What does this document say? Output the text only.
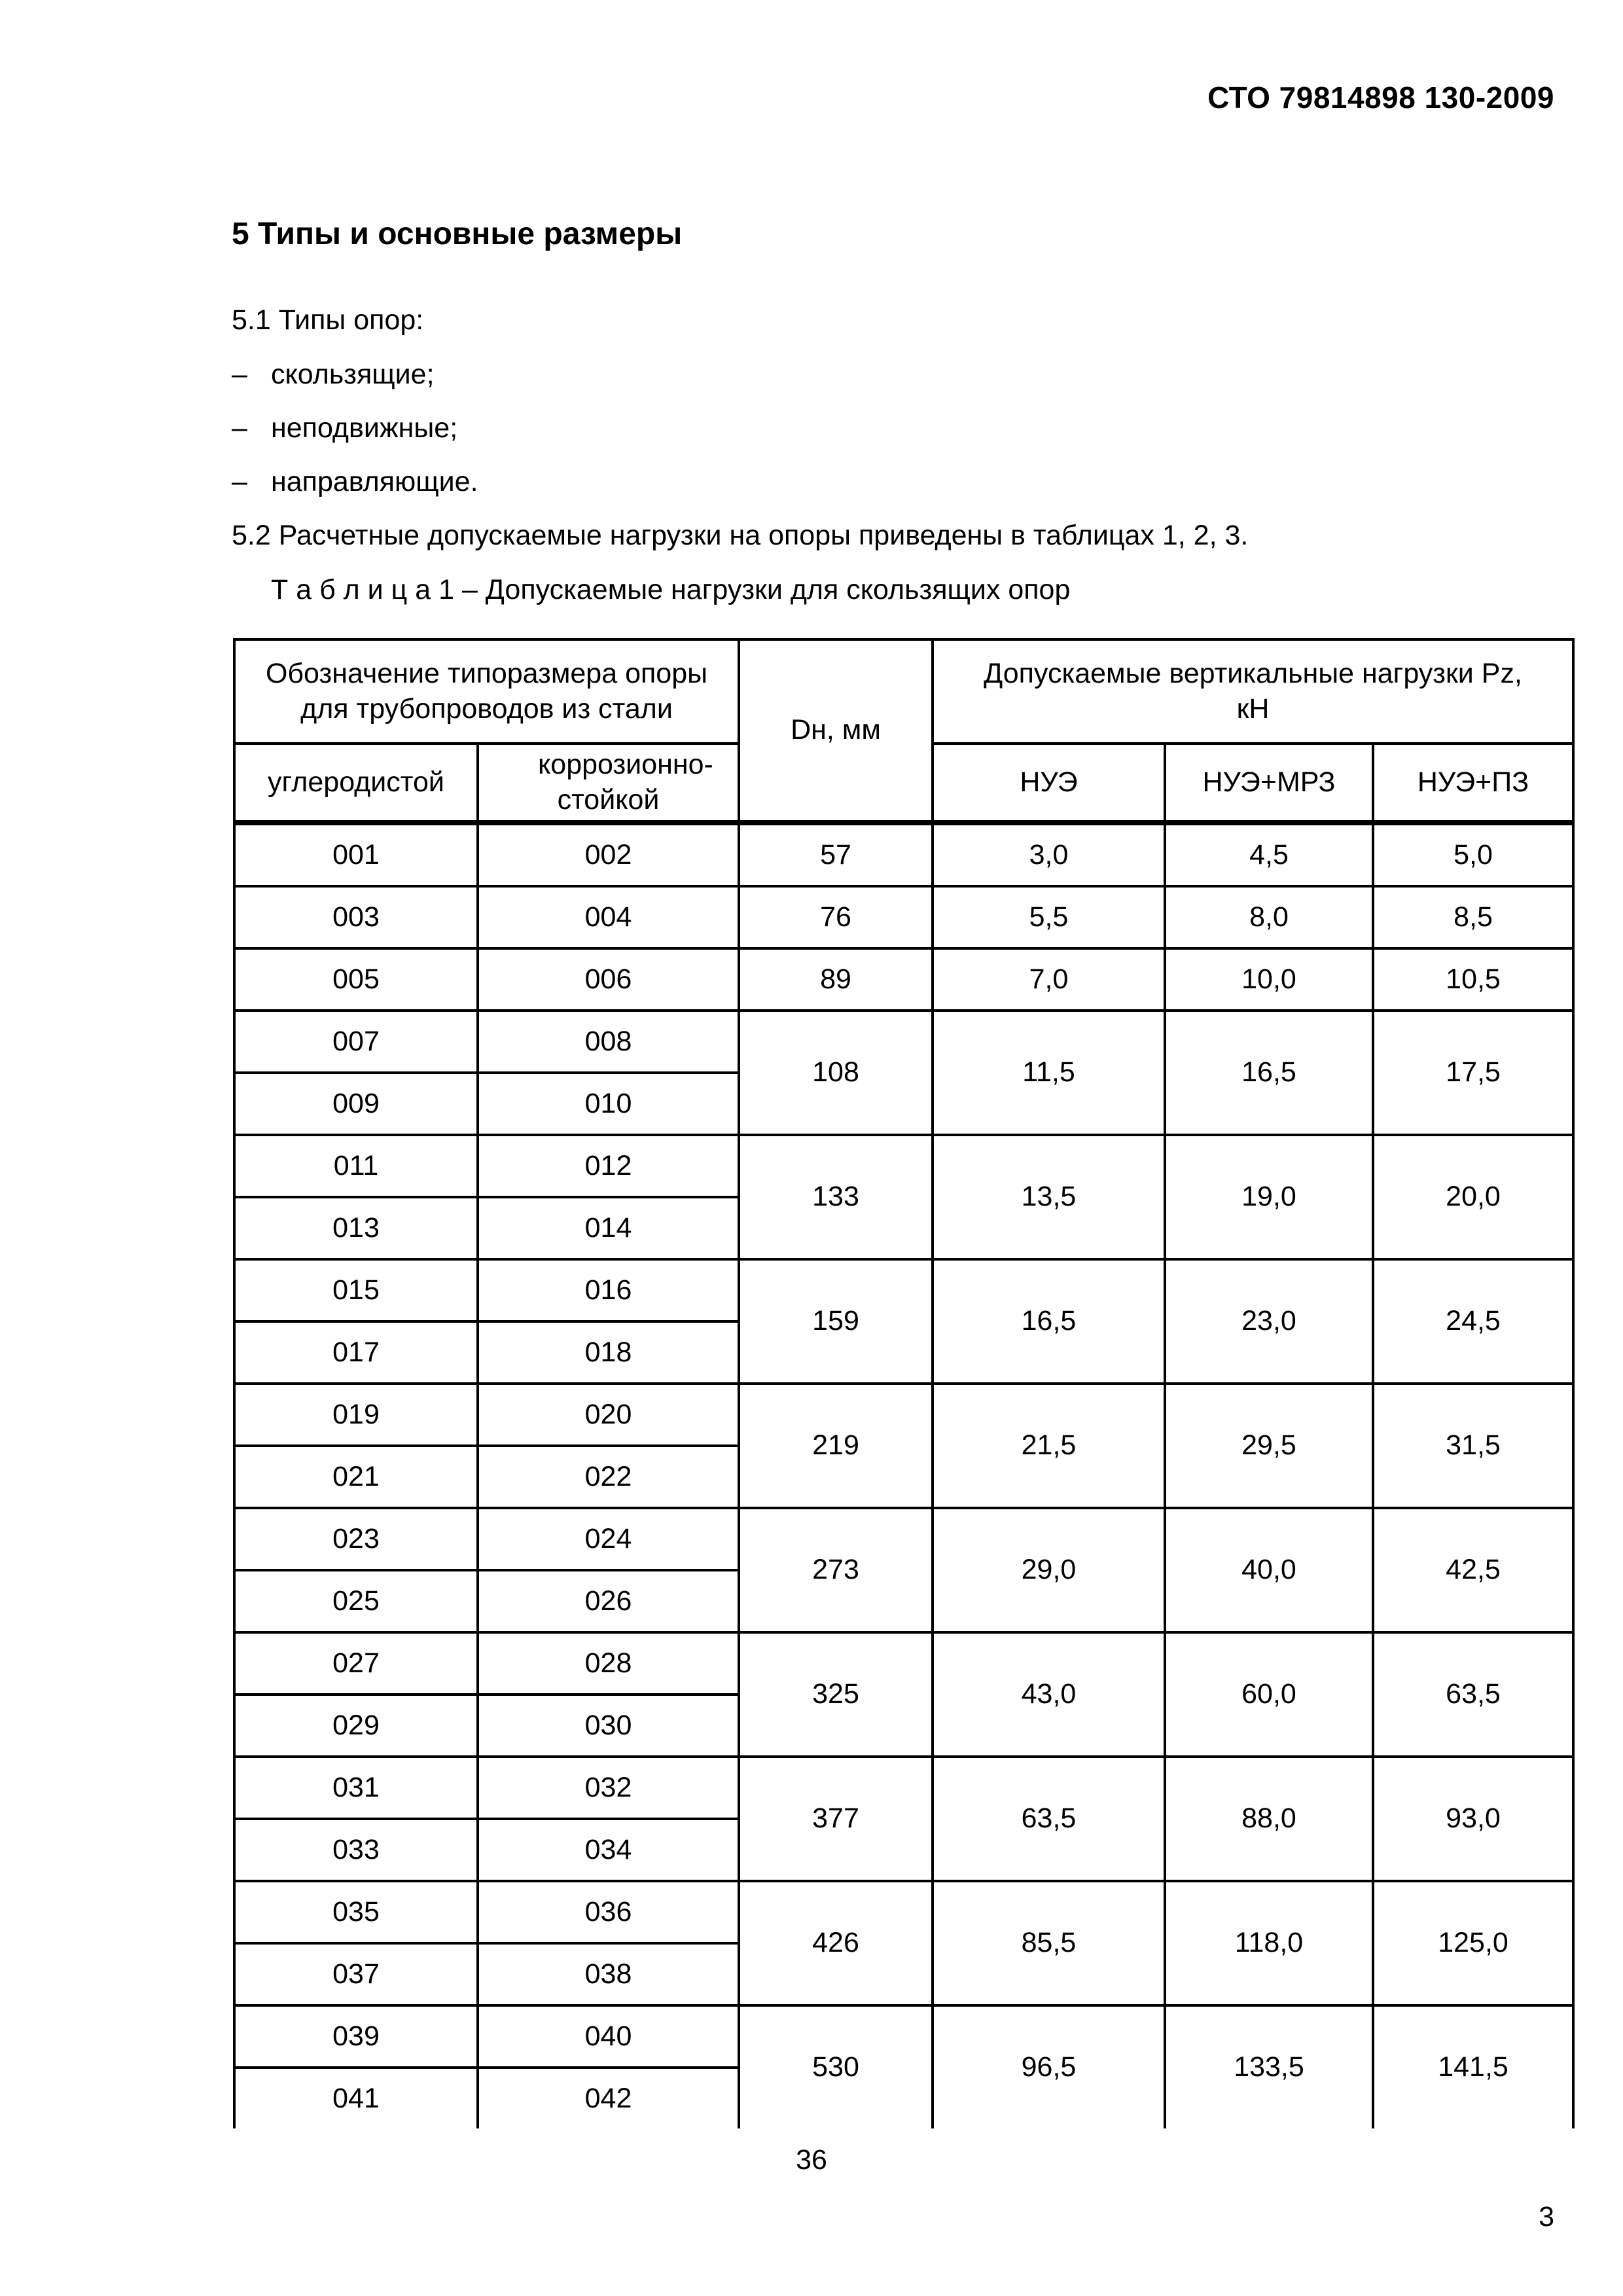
СТО 79814898 130-2009
5 Типы и основные размеры
5.1 Типы опор:
– скользящие;
– неподвижные;
– направляющие.
5.2 Расчетные допускаемые нагрузки на опоры приведены в таблицах 1, 2, 3.
Т а б л и ц а 1 – Допускаемые нагрузки для скользящих опор
Обозначение типоразмера опоры для трубопроводов из стали		Dн, мм	Допускаемые вертикальные нагрузки Pz, кН		
углеродистой	коррозионно-стойкой		НУЭ	НУЭ+МРЗ	НУЭ+ПЗ
001	002	57	3,0	4,5	5,0
003	004	76	5,5	8,0	8,5
005	006	89	7,0	10,0	10,5
007	008	108	11,5	16,5	17,5
009	010				
011	012	133	13,5	19,0	20,0
013	014				
015	016	159	16,5	23,0	24,5
017	018				
019	020	219	21,5	29,5	31,5
021	022				
023	024	273	29,0	40,0	42,5
025	026				
027	028	325	43,0	60,0	63,5
029	030				
031	032	377	63,5	88,0	93,0
033	034				
035	036	426	85,5	118,0	125,0
037	038				
039	040	530	96,5	133,5	141,5
041	042				
36
3
